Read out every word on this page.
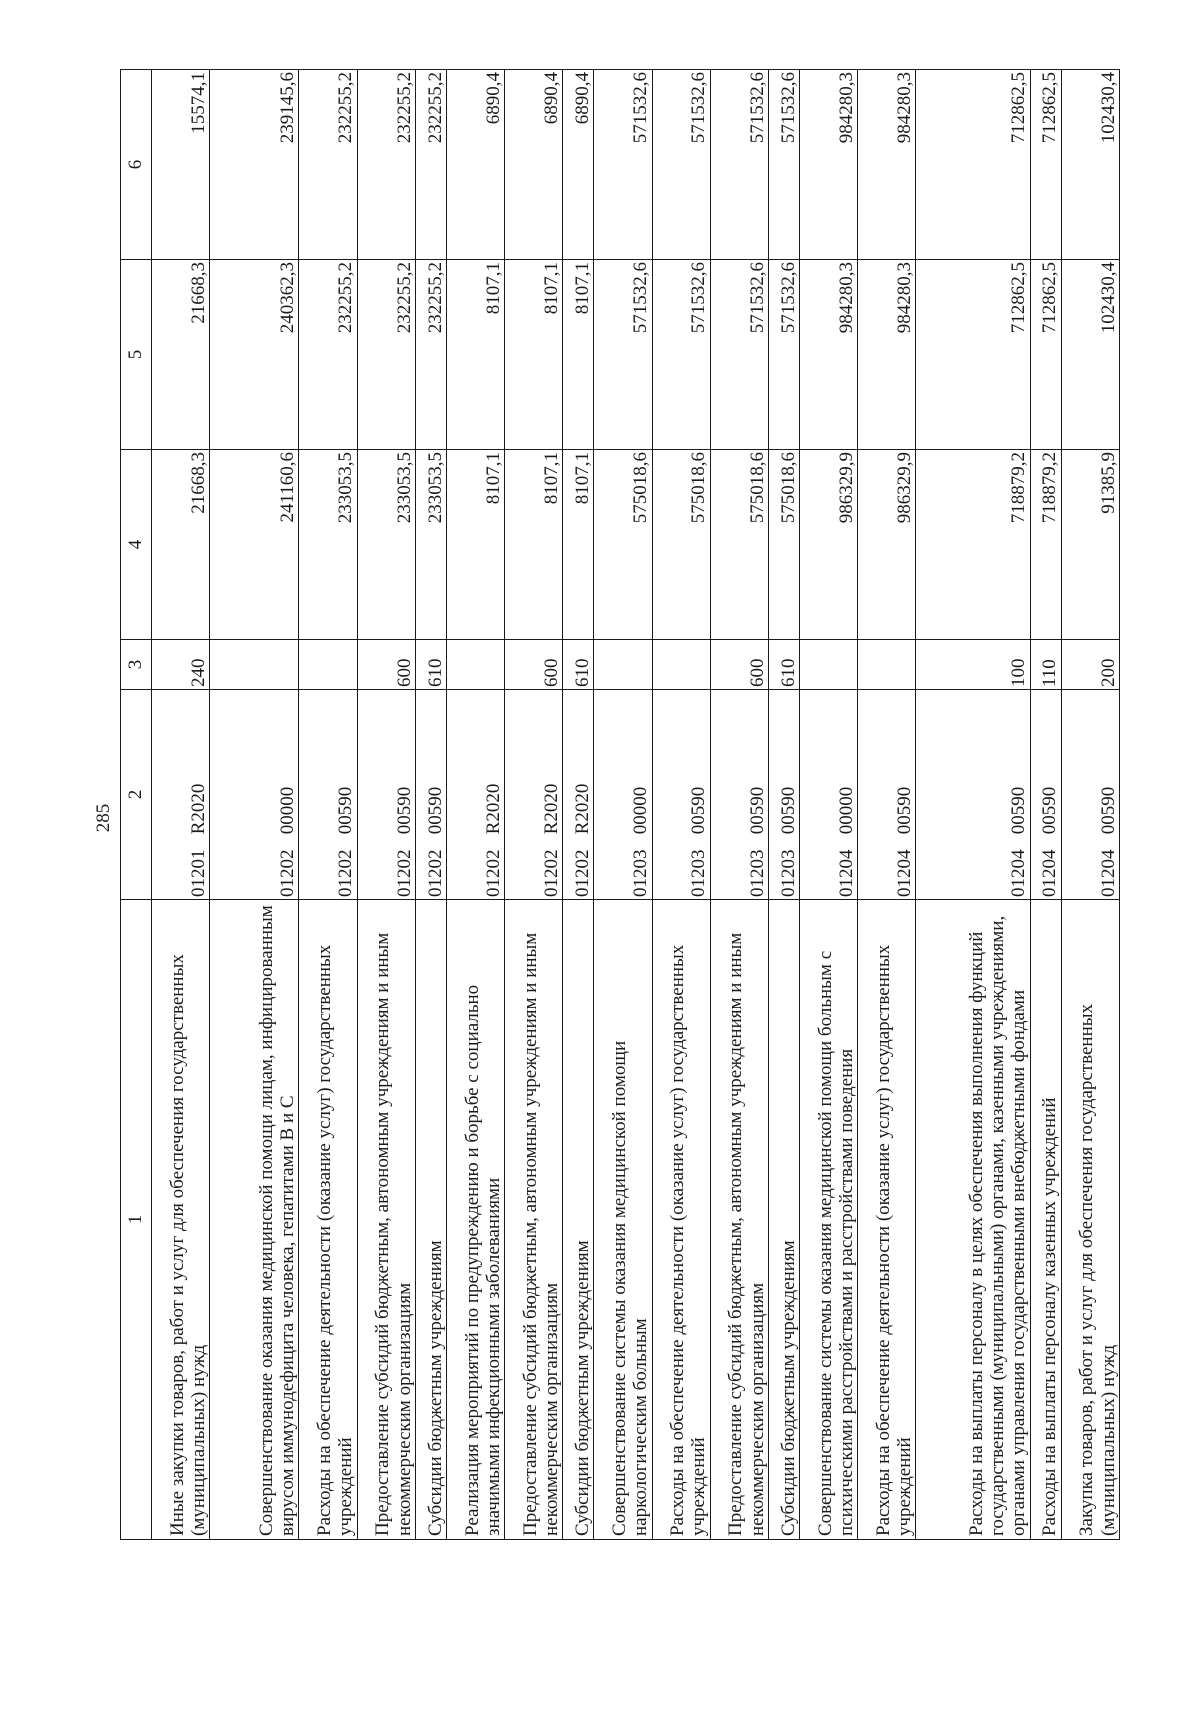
285
1	2	3	4	5	6
Иные закупки товаров, работ и услуг для обеспечения государственных (муниципальных) нужд	01201 R2020	240	21668,3	21668,3	15574,1
Совершенствование оказания медицинской помощи лицам, инфицированным вирусом иммунодефицита человека, гепатитами В и С	01202 00000		241160,6	240362,3	239145,6
Расходы на обеспечение деятельности (оказание услуг) государственных учреждений	01202 00590		233053,5	232255,2	232255,2
Предоставление субсидий бюджетным, автономным учреждениям и иным некоммерческим организациям	01202 00590	600	233053,5	232255,2	232255,2
Субсидии бюджетным учреждениям	01202 00590	610	233053,5	232255,2	232255,2
Реализация мероприятий по предупреждению и борьбе с социально значимыми инфекционными заболеваниями	01202 R2020		8107,1	8107,1	6890,4
Предоставление субсидий бюджетным, автономным учреждениям и иным некоммерческим организациям	01202 R2020	600	8107,1	8107,1	6890,4
Субсидии бюджетным учреждениям	01202 R2020	610	8107,1	8107,1	6890,4
Совершенствование системы оказания медицинской помощи наркологическим больным	01203 00000		575018,6	571532,6	571532,6
Расходы на обеспечение деятельности (оказание услуг) государственных учреждений	01203 00590		575018,6	571532,6	571532,6
Предоставление субсидий бюджетным, автономным учреждениям и иным некоммерческим организациям	01203 00590	600	575018,6	571532,6	571532,6
Субсидии бюджетным учреждениям	01203 00590	610	575018,6	571532,6	571532,6
Совершенствование системы оказания медицинской помощи больным с психическими расстройствами и расстройствами поведения	01204 00000		986329,9	984280,3	984280,3
Расходы на обеспечение деятельности (оказание услуг) государственных учреждений	01204 00590		986329,9	984280,3	984280,3
Расходы на выплаты персоналу в целях обеспечения выполнения функций государственными (муниципальными) органами, казенными учреждениями, органами управления государственными внебюджетными фондами	01204 00590	100	718879,2	712862,5	712862,5
Расходы на выплаты персоналу казенных учреждений	01204 00590	110	718879,2	712862,5	712862,5
Закупка товаров, работ и услуг для обеспечения государственных (муниципальных) нужд	01204 00590	200	91385,9	102430,4	102430,4
